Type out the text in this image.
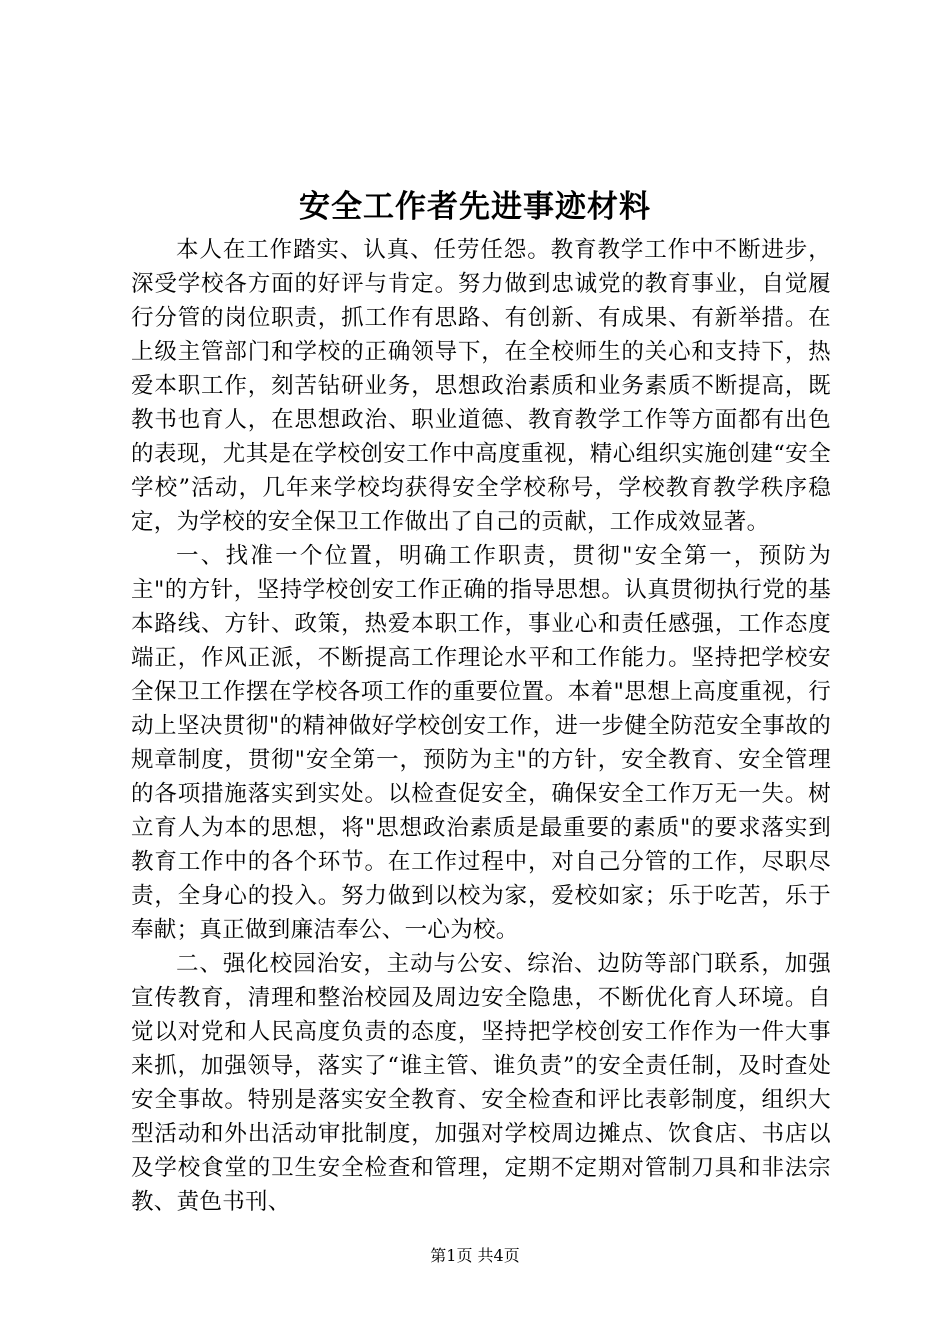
安全工作者先进事迹材料

本人在工作踏实、认真、任劳任怨。教育教学工作中不断进步，深受学校各方面的好评与肯定。努力做到忠诚党的教育事业，自觉履行分管的岗位职责，抓工作有思路、有创新、有成果、有新举措。在上级主管部门和学校的正确领导下，在全校师生的关心和支持下，热爱本职工作，刻苦钻研业务，思想政治素质和业务素质不断提高，既教书也育人，在思想政治、职业道德、教育教学工作等方面都有出色的表现，尤其是在学校创安工作中高度重视，精心组织实施创建“安全学校”活动，几年来学校均获得安全学校称号，学校教育教学秩序稳定，为学校的安全保卫工作做出了自己的贡献，工作成效显著。

一、找准一个位置，明确工作职责，贯彻"安全第一，预防为主"的方针，坚持学校创安工作正确的指导思想。认真贯彻执行党的基本路线、方针、政策，热爱本职工作，事业心和责任感强，工作态度端正，作风正派，不断提高工作理论水平和工作能力。坚持把学校安全保卫工作摆在学校各项工作的重要位置。本着"思想上高度重视，行动上坚决贯彻"的精神做好学校创安工作，进一步健全防范安全事故的规章制度，贯彻"安全第一，预防为主"的方针，安全教育、安全管理的各项措施落实到实处。以检查促安全，确保安全工作万无一失。树立育人为本的思想，将"思想政治素质是最重要的素质"的要求落实到教育工作中的各个环节。在工作过程中，对自己分管的工作，尽职尽责，全身心的投入。努力做到以校为家，爱校如家；乐于吃苦，乐于奉献；真正做到廉洁奉公、一心为校。

二、强化校园治安，主动与公安、综治、边防等部门联系，加强宣传教育，清理和整治校园及周边安全隐患，不断优化育人环境。自觉以对党和人民高度负责的态度，坚持把学校创安工作作为一件大事来抓，加强领导，落实了“谁主管、谁负责”的安全责任制，及时查处安全事故。特别是落实安全教育、安全检查和评比表彰制度，组织大型活动和外出活动审批制度，加强对学校周边摊点、饮食店、书店以及学校食堂的卫生安全检查和管理，定期不定期对管制刀具和非法宗教、黄色书刊、

第1页 共4页
